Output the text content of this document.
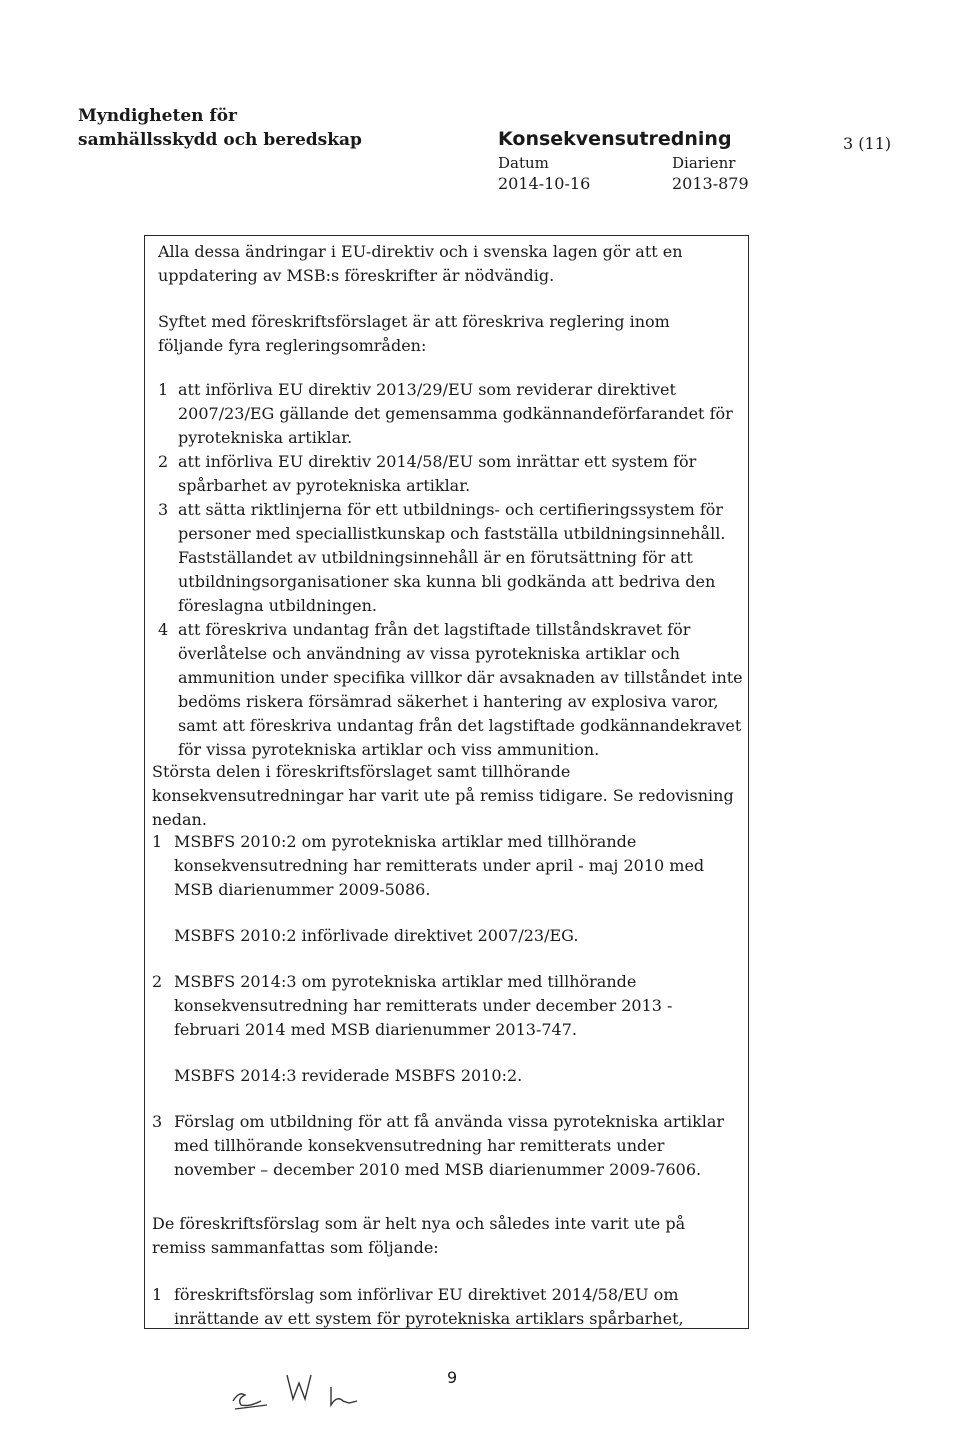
Myndigheten för
samhällsskydd och beredskap	Konsekvensutredning	3 (11)
Datum
2014-10-16
Diarienr
2013-879
Alla dessa ändringar i EU-direktiv och i svenska lagen gör att en uppdatering av MSB:s föreskrifter är nödvändig.
Syftet med föreskriftsförslaget är att föreskriva reglering inom följande fyra regleringsområden:
1 att införliva EU direktiv 2013/29/EU som reviderar direktivet 2007/23/EG gällande det gemensamma godkännandeförfarandet för pyrotekniska artiklar.
2 att införliva EU direktiv 2014/58/EU som inrättar ett system för spårbarhet av pyrotekniska artiklar.
3 att sätta riktlinjerna för ett utbildnings- och certifieringssystem för personer med speciallistkunskap och fastställa utbildningsinnehåll. Fastställandet av utbildningsinnehåll är en förutsättning för att utbildningsorganisationer ska kunna bli godkända att bedriva den föreslagna utbildningen.
4 att föreskriva undantag från det lagstiftade tillståndskravet för överlåtelse och användning av vissa pyrotekniska artiklar och ammunition under specifika villkor där avsaknaden av tillståndet inte bedöms riskera försämrad säkerhet i hantering av explosiva varor, samt att föreskriva undantag från det lagstiftade godkännandekravet för vissa pyrotekniska artiklar och viss ammunition.
Största delen i föreskriftsförslaget samt tillhörande konsekvensutredningar har varit ute på remiss tidigare. Se redovisning nedan.
1 MSBFS 2010:2 om pyrotekniska artiklar med tillhörande konsekvensutredning har remitterats under april - maj 2010 med MSB diarienummer 2009-5086.
MSBFS 2010:2 införlivade direktivet 2007/23/EG.
2 MSBFS 2014:3 om pyrotekniska artiklar med tillhörande konsekvensutredning har remitterats under december 2013 - februari 2014 med MSB diarienummer 2013-747.
MSBFS 2014:3 reviderade MSBFS 2010:2.
3 Förslag om utbildning för att få använda vissa pyrotekniska artiklar med tillhörande konsekvensutredning har remitterats under november – december 2010 med MSB diarienummer 2009-7606.
De föreskriftsförslag som är helt nya och således inte varit ute på remiss sammanfattas som följande:
1 föreskriftsförslag som införlivar EU direktivet 2014/58/EU om inrättande av ett system för pyrotekniska artiklars spårbarhet,
9
